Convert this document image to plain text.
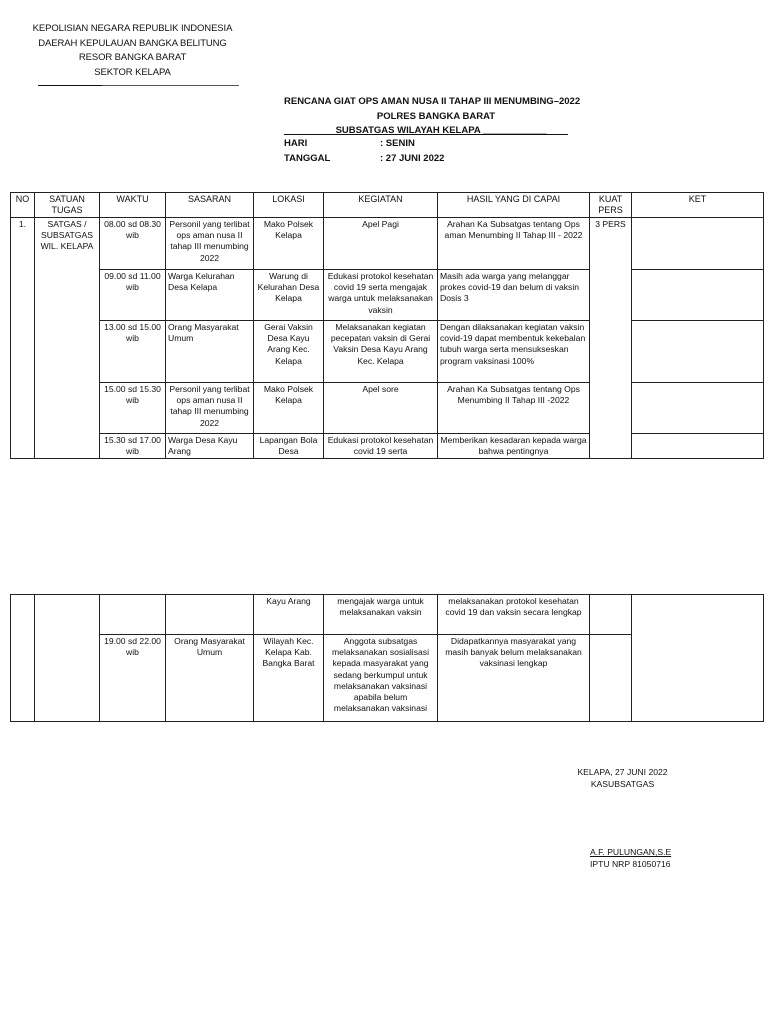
KEPOLISIAN NEGARA REPUBLIK INDONESIA
DAERAH KEPULAUAN BANGKA BELITUNG
RESOR BANGKA BARAT
SEKTOR KELAPA
RENCANA GIAT OPS AMAN NUSA II TAHAP III MENUMBING–2022
POLRES BANGKA BARAT
SUBSATGAS WILAYAH KELAPA ____________
HARI	: SENIN
TANGGAL	: 27 JUNI 2022
NO	SATUAN TUGAS	WAKTU	SASARAN	LOKASI	KEGIATAN	HASIL YANG DI CAPAI	KUAT PERS	KET
1.	SATGAS / SUBSATGAS WIL. KELAPA	08.00 sd 08.30 wib	Personil yang terlibat ops aman nusa II tahap III menumbing 2022	Mako Polsek Kelapa	Apel Pagi	Arahan Ka Subsatgas tentang Ops aman Menumbing II Tahap III - 2022	3 PERS	
		09.00 sd 11.00 wib	Warga Kelurahan Desa Kelapa	Warung di Kelurahan Desa Kelapa	Edukasi protokol kesehatan covid 19 serta mengajak warga untuk melaksanakan vaksin	Masih ada warga yang melanggar prokes covid-19 dan belum di vaksin Dosis 3		
		13.00 sd 15.00 wib	Orang Masyarakat Umum	Gerai Vaksin Desa Kayu Arang Kec. Kelapa	Melaksanakan kegiatan pecepatan vaksin di Gerai Vaksin Desa Kayu Arang Kec. Kelapa	Dengan dilaksanakan kegiatan vaksin covid-19 dapat membentuk kekebalan tubuh warga serta mensukseskan program vaksinasi 100%		
		15.00 sd 15.30 wib	Personil yang terlibat ops aman nusa II tahap III menumbing 2022	Mako Polsek Kelapa	Apel sore	Arahan Ka Subsatgas tentang Ops Menumbing II Tahap III -2022		
		15.30 sd 17.00 wib	Warga Desa Kayu Arang	Lapangan Bola Desa	Edukasi protokol kesehatan covid 19 serta	Memberikan kesadaran kepada warga bahwa pentingnya		
				Kayu Arang	mengajak warga untuk melaksanakan vaksin	melaksanakan protokol kesehatan covid 19 dan vaksin secara lengkap		
		19.00 sd 22.00 wib	Orang Masyarakat Umum	Wilayah Kec. Kelapa Kab. Bangka Barat	Anggota subsatgas melaksanakan sosialisasi kepada masyarakat yang sedang berkumpul untuk melaksanakan vaksinasi apabila belum melaksanakan vaksinasi	Didapatkannya masyarakat yang masih banyak belum melaksanakan vaksinasi lengkap		
KELAPA, 27 JUNI 2022
KASUBSATGAS
A.F. PULUNGAN,S.E
IPTU NRP 81050716
